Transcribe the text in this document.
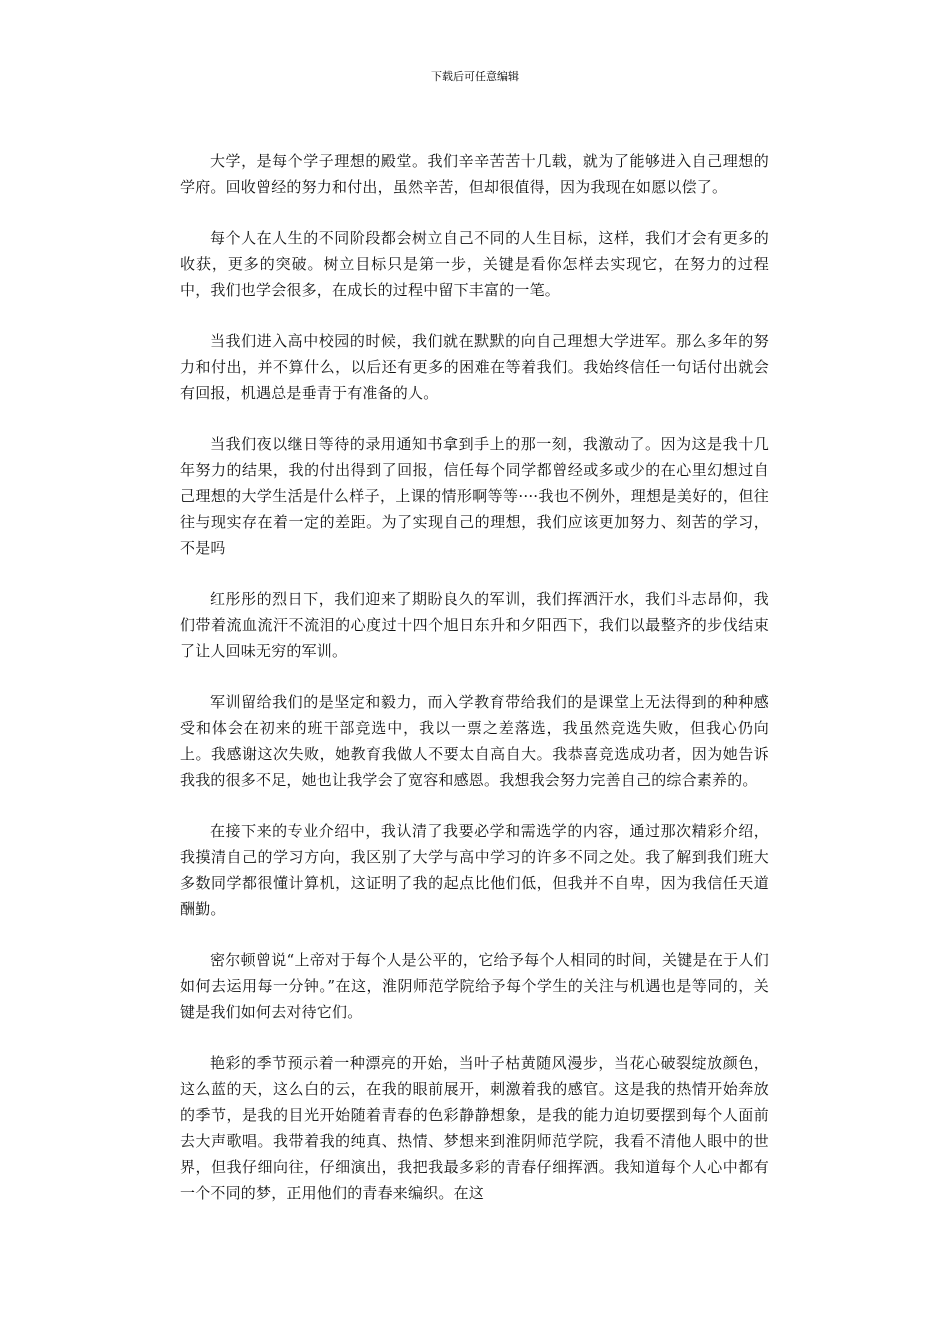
下载后可任意编辑

大学，是每个学子理想的殿堂。我们辛辛苦苦十几载，就为了能够进入自己理想的学府。回收曾经的努力和付出，虽然辛苦，但却很值得，因为我现在如愿以偿了。

每个人在人生的不同阶段都会树立自己不同的人生目标，这样，我们才会有更多的收获，更多的突破。树立目标只是第一步，关键是看你怎样去实现它，在努力的过程中，我们也学会很多，在成长的过程中留下丰富的一笔。

当我们进入高中校园的时候，我们就在默默的向自己理想大学进军。那么多年的努力和付出，并不算什么，以后还有更多的困难在等着我们。我始终信任一句话付出就会有回报，机遇总是垂青于有准备的人。

当我们夜以继日等待的录用通知书拿到手上的那一刻，我激动了。因为这是我十几年努力的结果，我的付出得到了回报，信任每个同学都曾经或多或少的在心里幻想过自己理想的大学生活是什么样子，上课的情形啊等等····我也不例外，理想是美好的，但往往与现实存在着一定的差距。为了实现自己的理想，我们应该更加努力、刻苦的学习，不是吗

红彤彤的烈日下，我们迎来了期盼良久的军训，我们挥洒汗水，我们斗志昂仰，我们带着流血流汗不流泪的心度过十四个旭日东升和夕阳西下，我们以最整齐的步伐结束了让人回味无穷的军训。

军训留给我们的是坚定和毅力，而入学教育带给我们的是课堂上无法得到的种种感受和体会在初来的班干部竞选中，我以一票之差落选，我虽然竞选失败，但我心仍向上。我感谢这次失败，她教育我做人不要太自高自大。我恭喜竞选成功者，因为她告诉我我的很多不足，她也让我学会了宽容和感恩。我想我会努力完善自己的综合素养的。

在接下来的专业介绍中，我认清了我要必学和需选学的内容，通过那次精彩介绍，我摸清自己的学习方向，我区别了大学与高中学习的许多不同之处。我了解到我们班大多数同学都很懂计算机，这证明了我的起点比他们低，但我并不自卑，因为我信任天道酬勤。

密尔顿曾说“上帝对于每个人是公平的，它给予每个人相同的时间，关键是在于人们如何去运用每一分钟。”在这，淮阴师范学院给予每个学生的关注与机遇也是等同的，关键是我们如何去对待它们。

艳彩的季节预示着一种漂亮的开始，当叶子枯黄随风漫步，当花心破裂绽放颜色，这么蓝的天，这么白的云，在我的眼前展开，刺激着我的感官。这是我的热情开始奔放的季节，是我的目光开始随着青春的色彩静静想象，是我的能力迫切要摆到每个人面前去大声歌唱。我带着我的纯真、热情、梦想来到淮阴师范学院，我看不清他人眼中的世界，但我仔细向往，仔细演出，我把我最多彩的青春仔细挥洒。我知道每个人心中都有一个不同的梦，正用他们的青春来编织。在这
